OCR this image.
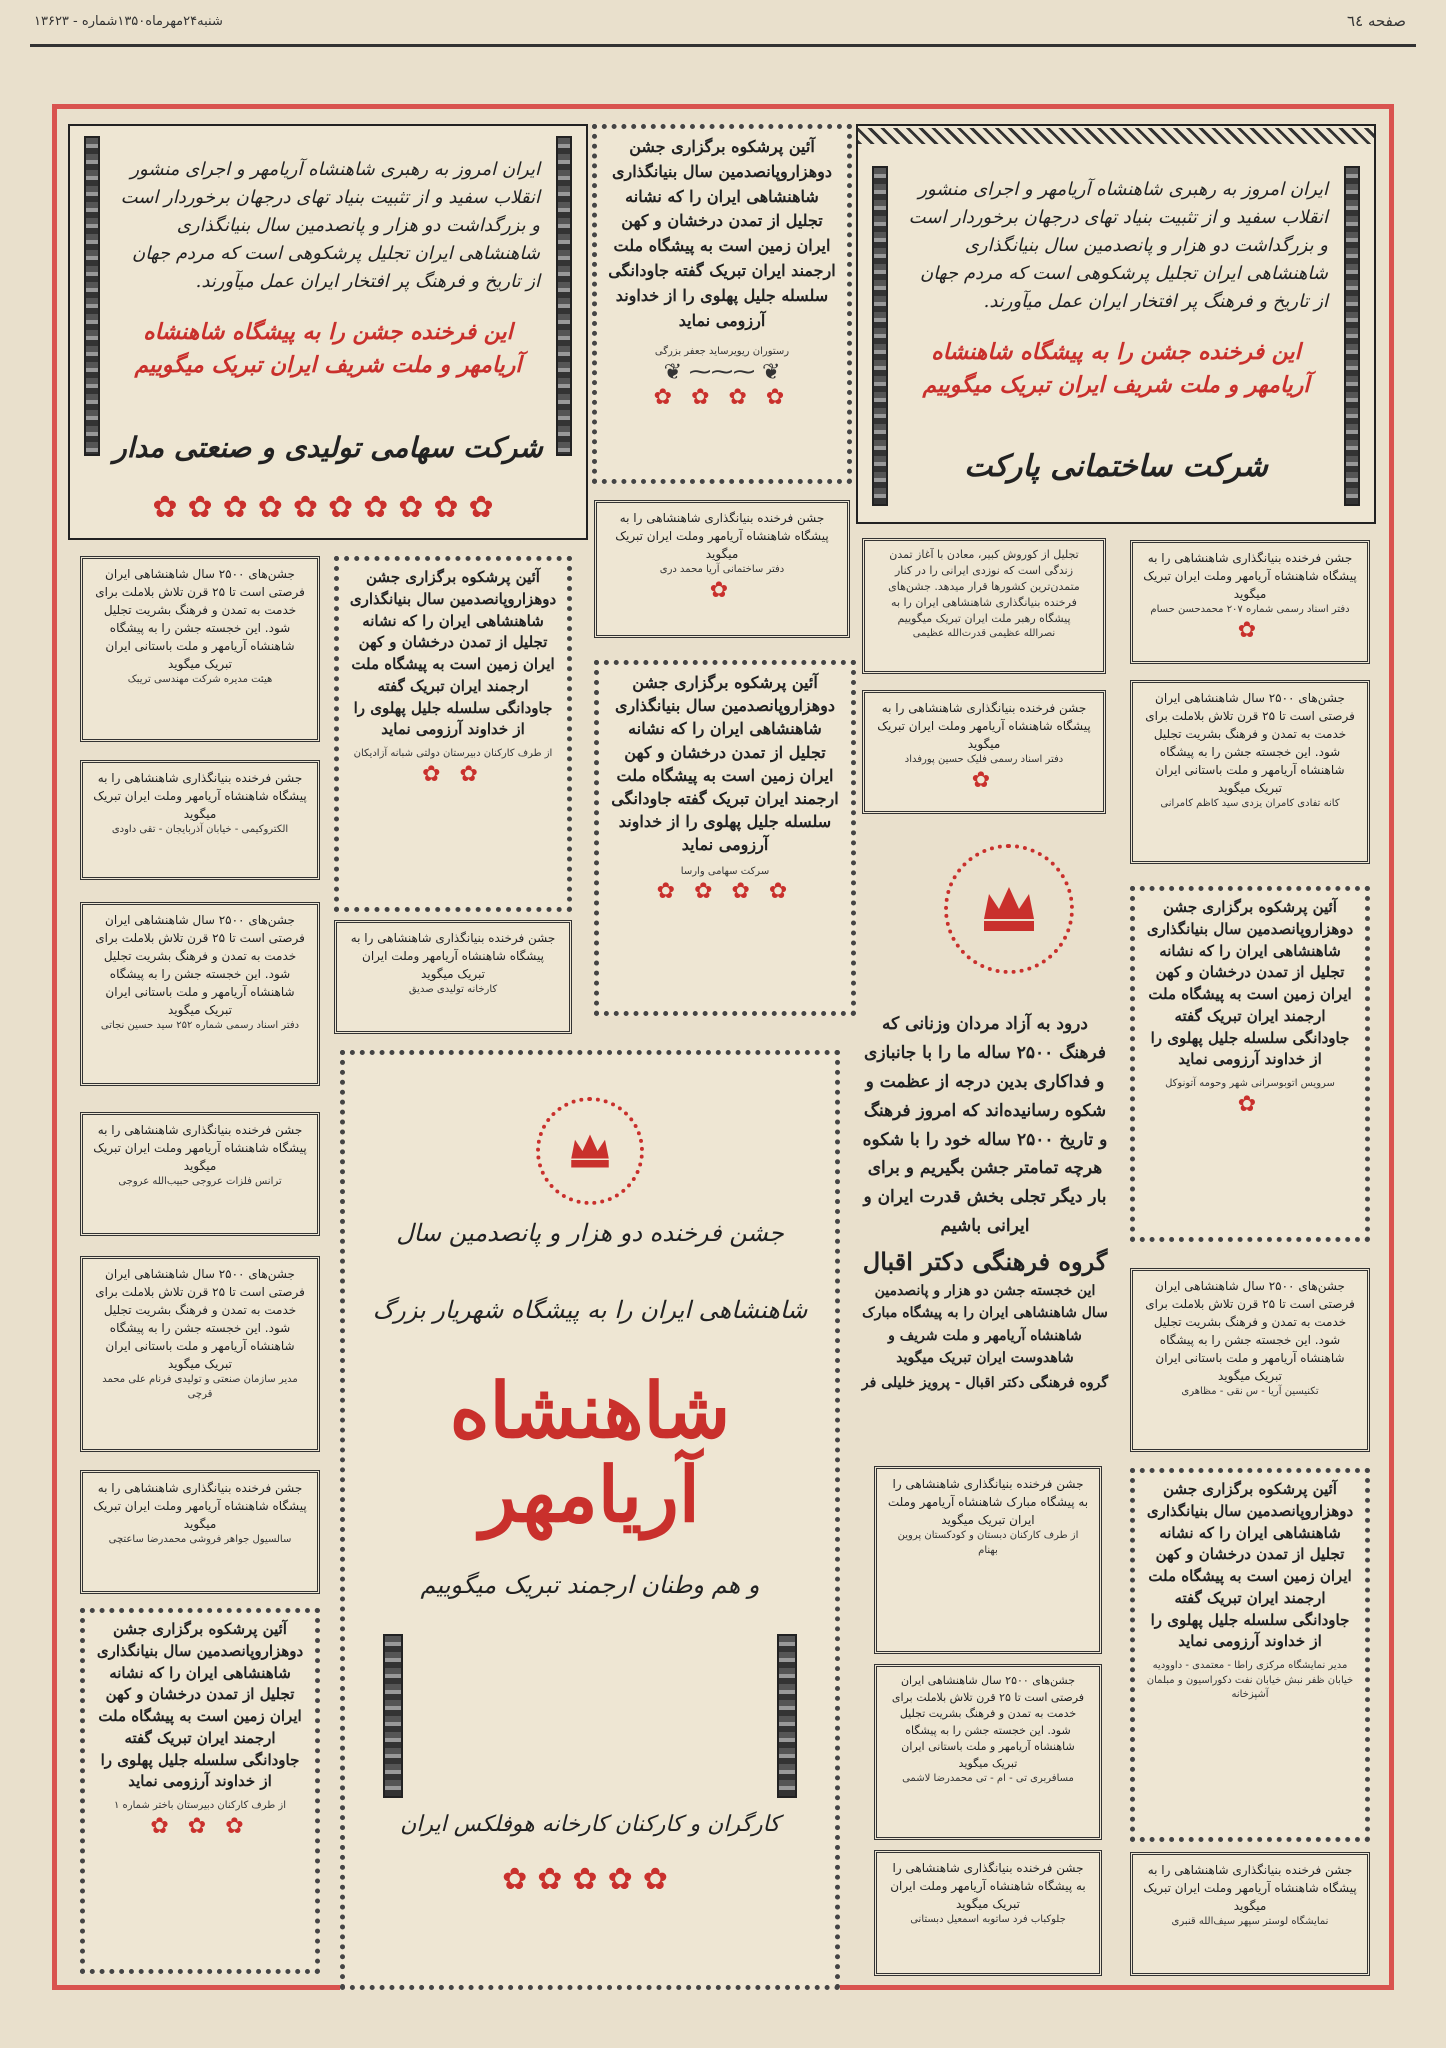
صفحه ٦٤
شنبه۲۴مهرماه۱۳۵۰شماره - ۱۳۶۲۳
ایران امروز به رهبری شاهنشاه آریامهر و اجرای منشور انقلاب سفید و از تثبیت بنیاد تهای درجهان برخوردار است و بزرگداشت دو هزار و پانصدمین سال بنیانگذاری شاهنشاهی ایران تجلیل پرشکوهی است که مردم جهان از تاریخ و فرهنگ پر افتخار ایران عمل میآورند.
این فرخنده جشن را به پیشگاه شاهنشاه آریامهر و ملت شریف ایران تبریک میگوییم
شرکت ساختمانی پارکت
ایران امروز به رهبری شاهنشاه آریامهر و اجرای منشور انقلاب سفید و از تثبیت بنیاد تهای درجهان برخوردار است و بزرگداشت دو هزار و پانصدمین سال بنیانگذاری شاهنشاهی ایران تجلیل پرشکوهی است که مردم جهان از تاریخ و فرهنگ پر افتخار ایران عمل میآورند.
این فرخنده جشن را به پیشگاه شاهنشاه آریامهر و ملت شریف ایران تبریک میگوییم
شرکت سهامی تولیدی و صنعتی مدار
✿✿✿✿✿✿✿✿✿✿
آئین پرشکوه برگزاری جشن دوهزاروپانصدمین سال بنیانگذاری شاهنشاهی ایران را که نشانه تجلیل از تمدن درخشان و کهن ایران زمین است به پیشگاه ملت ارجمند ایران تبریک گفته جاودانگی سلسله جلیل پهلوی را از خداوند آرزومی نماید
رستوران ریویرساید جعفر بزرگی
❦ ⁓⁓⁓ ❦
✿ ✿ ✿ ✿
جشن فرخنده بنیانگذاری شاهنشاهی را به پیشگاه شاهنشاه آریامهر وملت ایران تبریک میگوید
دفتر ساختمانی آریا محمد دری
✿
تجلیل از کوروش کبیر، معادن با آغاز تمدن زندگی است که نوزدی ایرانی را در کنار متمدن‌ترین کشورها قرار میدهد. جشن‌های فرخنده بنیانگذاری شاهنشاهی ایران را به پیشگاه رهبر ملت ایران تبریک میگوییم
نصرالله عظیمی قدرت‌الله عظیمی
جشن فرخنده بنیانگذاری شاهنشاهی را به پیشگاه شاهنشاه آریامهر وملت ایران تبریک میگوید
دفتر اسناد رسمی شماره ۲۰۷ محمدحسن حسام
✿
جشن‌های ۲۵۰۰ سال شاهنشاهی ایران فرصتی است تا ۲۵ قرن تلاش بلاملت برای خدمت به تمدن و فرهنگ بشریت تجلیل شود. این خجسته جشن را به پیشگاه شاهنشاه آریامهر و ملت باستانی ایران تبریک میگوید
هیئت مدیره شرکت مهندسی تریبک
آئین پرشکوه برگزاری جشن دوهزاروپانصدمین سال بنیانگذاری شاهنشاهی ایران را که نشانه تجلیل از تمدن درخشان و کهن ایران زمین است به پیشگاه ملت ارجمند ایران تبریک گفته جاودانگی سلسله جلیل پهلوی را از خداوند آرزومی نماید
از طرف کارکنان دبیرستان دولتی شبانه آزادیکان
✿ ✿
آئین پرشکوه برگزاری جشن دوهزاروپانصدمین سال بنیانگذاری شاهنشاهی ایران را که نشانه تجلیل از تمدن درخشان و کهن ایران زمین است به پیشگاه ملت ارجمند ایران تبریک گفته جاودانگی سلسله جلیل پهلوی را از خداوند آرزومی نماید
سرکت سهامی وارسا
✿ ✿ ✿ ✿
جشن فرخنده بنیانگذاری شاهنشاهی را به پیشگاه شاهنشاه آریامهر وملت ایران تبریک میگوید
دفتر اسناد رسمی فلیک حسین پورفداد
✿
جشن‌های ۲۵۰۰ سال شاهنشاهی ایران فرصتی است تا ۲۵ قرن تلاش بلاملت برای خدمت به تمدن و فرهنگ بشریت تجلیل شود. این خجسته جشن را به پیشگاه شاهنشاه آریامهر و ملت باستانی ایران تبریک میگوید
کانه تفادی کامران یزدی سید کاظم کامرانی
جشن فرخنده بنیانگذاری شاهنشاهی را به پیشگاه شاهنشاه آریامهر وملت ایران تبریک میگوید
الکتروکیمی - خیابان آذربایجان - تقی داودی
جشن‌های ۲۵۰۰ سال شاهنشاهی ایران فرصتی است تا ۲۵ قرن تلاش بلاملت برای خدمت به تمدن و فرهنگ بشریت تجلیل شود. این خجسته جشن را به پیشگاه شاهنشاه آریامهر و ملت باستانی ایران تبریک میگوید
دفتر اسناد رسمی شماره ۲۵۲ سید حسین نجاتی
جشن فرخنده بنیانگذاری شاهنشاهی را به پیشگاه شاهنشاه آریامهر وملت ایران تبریک میگوید
کارخانه تولیدی صدیق
آئین پرشکوه برگزاری جشن دوهزاروپانصدمین سال بنیانگذاری شاهنشاهی ایران را که نشانه تجلیل از تمدن درخشان و کهن ایران زمین است به پیشگاه ملت ارجمند ایران تبریک گفته جاودانگی سلسله جلیل پهلوی را از خداوند آرزومی نماید
سرویس اتوبوسرانی شهر وحومه آتونوکل
✿
درود به آزاد مردان وزنانی که فرهنگ ۲۵۰۰ ساله ما را با جانبازی و فداکاری بدین درجه از عظمت و شکوه رسانیده‌اند که امروز فرهنگ و تاریخ ۲۵۰۰ ساله خود را با شکوه هرچه تمامتر جشن بگیریم و برای بار دیگر تجلی بخش قدرت ایران و ایرانی باشیم
گروه فرهنگی دکتر اقبال
این خجسته جشن دو هزار و پانصدمین سال شاهنشاهی ایران را به پیشگاه مبارک شاهنشاه آریامهر و ملت شریف و شاهدوست ایران تبریک میگوید
گروه فرهنگی دکتر اقبال - پرویز خلیلی فر
جشن فرخنده بنیانگذاری شاهنشاهی را به پیشگاه شاهنشاه آریامهر وملت ایران تبریک میگوید
ترانس فلزات عروجی حبیب‌الله عروجی
جشن فرخنده دو هزار و پانصدمین سال
شاهنشاهی ایران را به پیشگاه شهریار بزرگ
شاهنشاه آریامهر
و هم وطنان ارجمند تبریک میگوییم
کارگران و کارکنان کارخانه هوفلکس ایران
✿✿✿✿✿
جشن‌های ۲۵۰۰ سال شاهنشاهی ایران فرصتی است تا ۲۵ قرن تلاش بلاملت برای خدمت به تمدن و فرهنگ بشریت تجلیل شود. این خجسته جشن را به پیشگاه شاهنشاه آریامهر و ملت باستانی ایران تبریک میگوید
مدیر سازمان صنعتی و تولیدی فرنام علی محمد قرچی
جشن‌های ۲۵۰۰ سال شاهنشاهی ایران فرصتی است تا ۲۵ قرن تلاش بلاملت برای خدمت به تمدن و فرهنگ بشریت تجلیل شود. این خجسته جشن را به پیشگاه شاهنشاه آریامهر و ملت باستانی ایران تبریک میگوید
تکنیسین آریا - س نقی - مظاهری
جشن فرخنده بنیانگذاری شاهنشاهی را به پیشگاه مبارک شاهنشاه آریامهر وملت ایران تبریک میگوید
از طرف کارکنان دبستان و کودکستان پروین بهنام
جشن فرخنده بنیانگذاری شاهنشاهی را به پیشگاه شاهنشاه آریامهر وملت ایران تبریک میگوید
سالسیول جواهر فروشی محمدرضا ساعتچی
آئین پرشکوه برگزاری جشن دوهزاروپانصدمین سال بنیانگذاری شاهنشاهی ایران را که نشانه تجلیل از تمدن درخشان و کهن ایران زمین است به پیشگاه ملت ارجمند ایران تبریک گفته جاودانگی سلسله جلیل پهلوی را از خداوند آرزومی نماید
مدیر نمایشگاه مرکزی راطا - معتمدی - داوودیه خیابان ظفر نبش خیابان نفت دکوراسیون و مبلمان آشپزخانه
آئین پرشکوه برگزاری جشن دوهزاروپانصدمین سال بنیانگذاری شاهنشاهی ایران را که نشانه تجلیل از تمدن درخشان و کهن ایران زمین است به پیشگاه ملت ارجمند ایران تبریک گفته جاودانگی سلسله جلیل پهلوی را از خداوند آرزومی نماید
از طرف کارکنان دبیرستان باختر شماره ١
✿ ✿ ✿
جشن‌های ۲۵۰۰ سال شاهنشاهی ایران فرصتی است تا ۲۵ قرن تلاش بلاملت برای خدمت به تمدن و فرهنگ بشریت تجلیل شود. این خجسته جشن را به پیشگاه شاهنشاه آریامهر و ملت باستانی ایران تبریک میگوید
مسافربری تی - ام - تی محمدرضا لاشمی
جشن فرخنده بنیانگذاری شاهنشاهی را به پیشگاه شاهنشاه آریامهر وملت ایران تبریک میگوید
جلوکباب فرد ساتوبه اسمعیل دبستانی
جشن فرخنده بنیانگذاری شاهنشاهی را به پیشگاه شاهنشاه آریامهر وملت ایران تبریک میگوید
نمایشگاه لوستر سپهر سیف‌الله قنبری
